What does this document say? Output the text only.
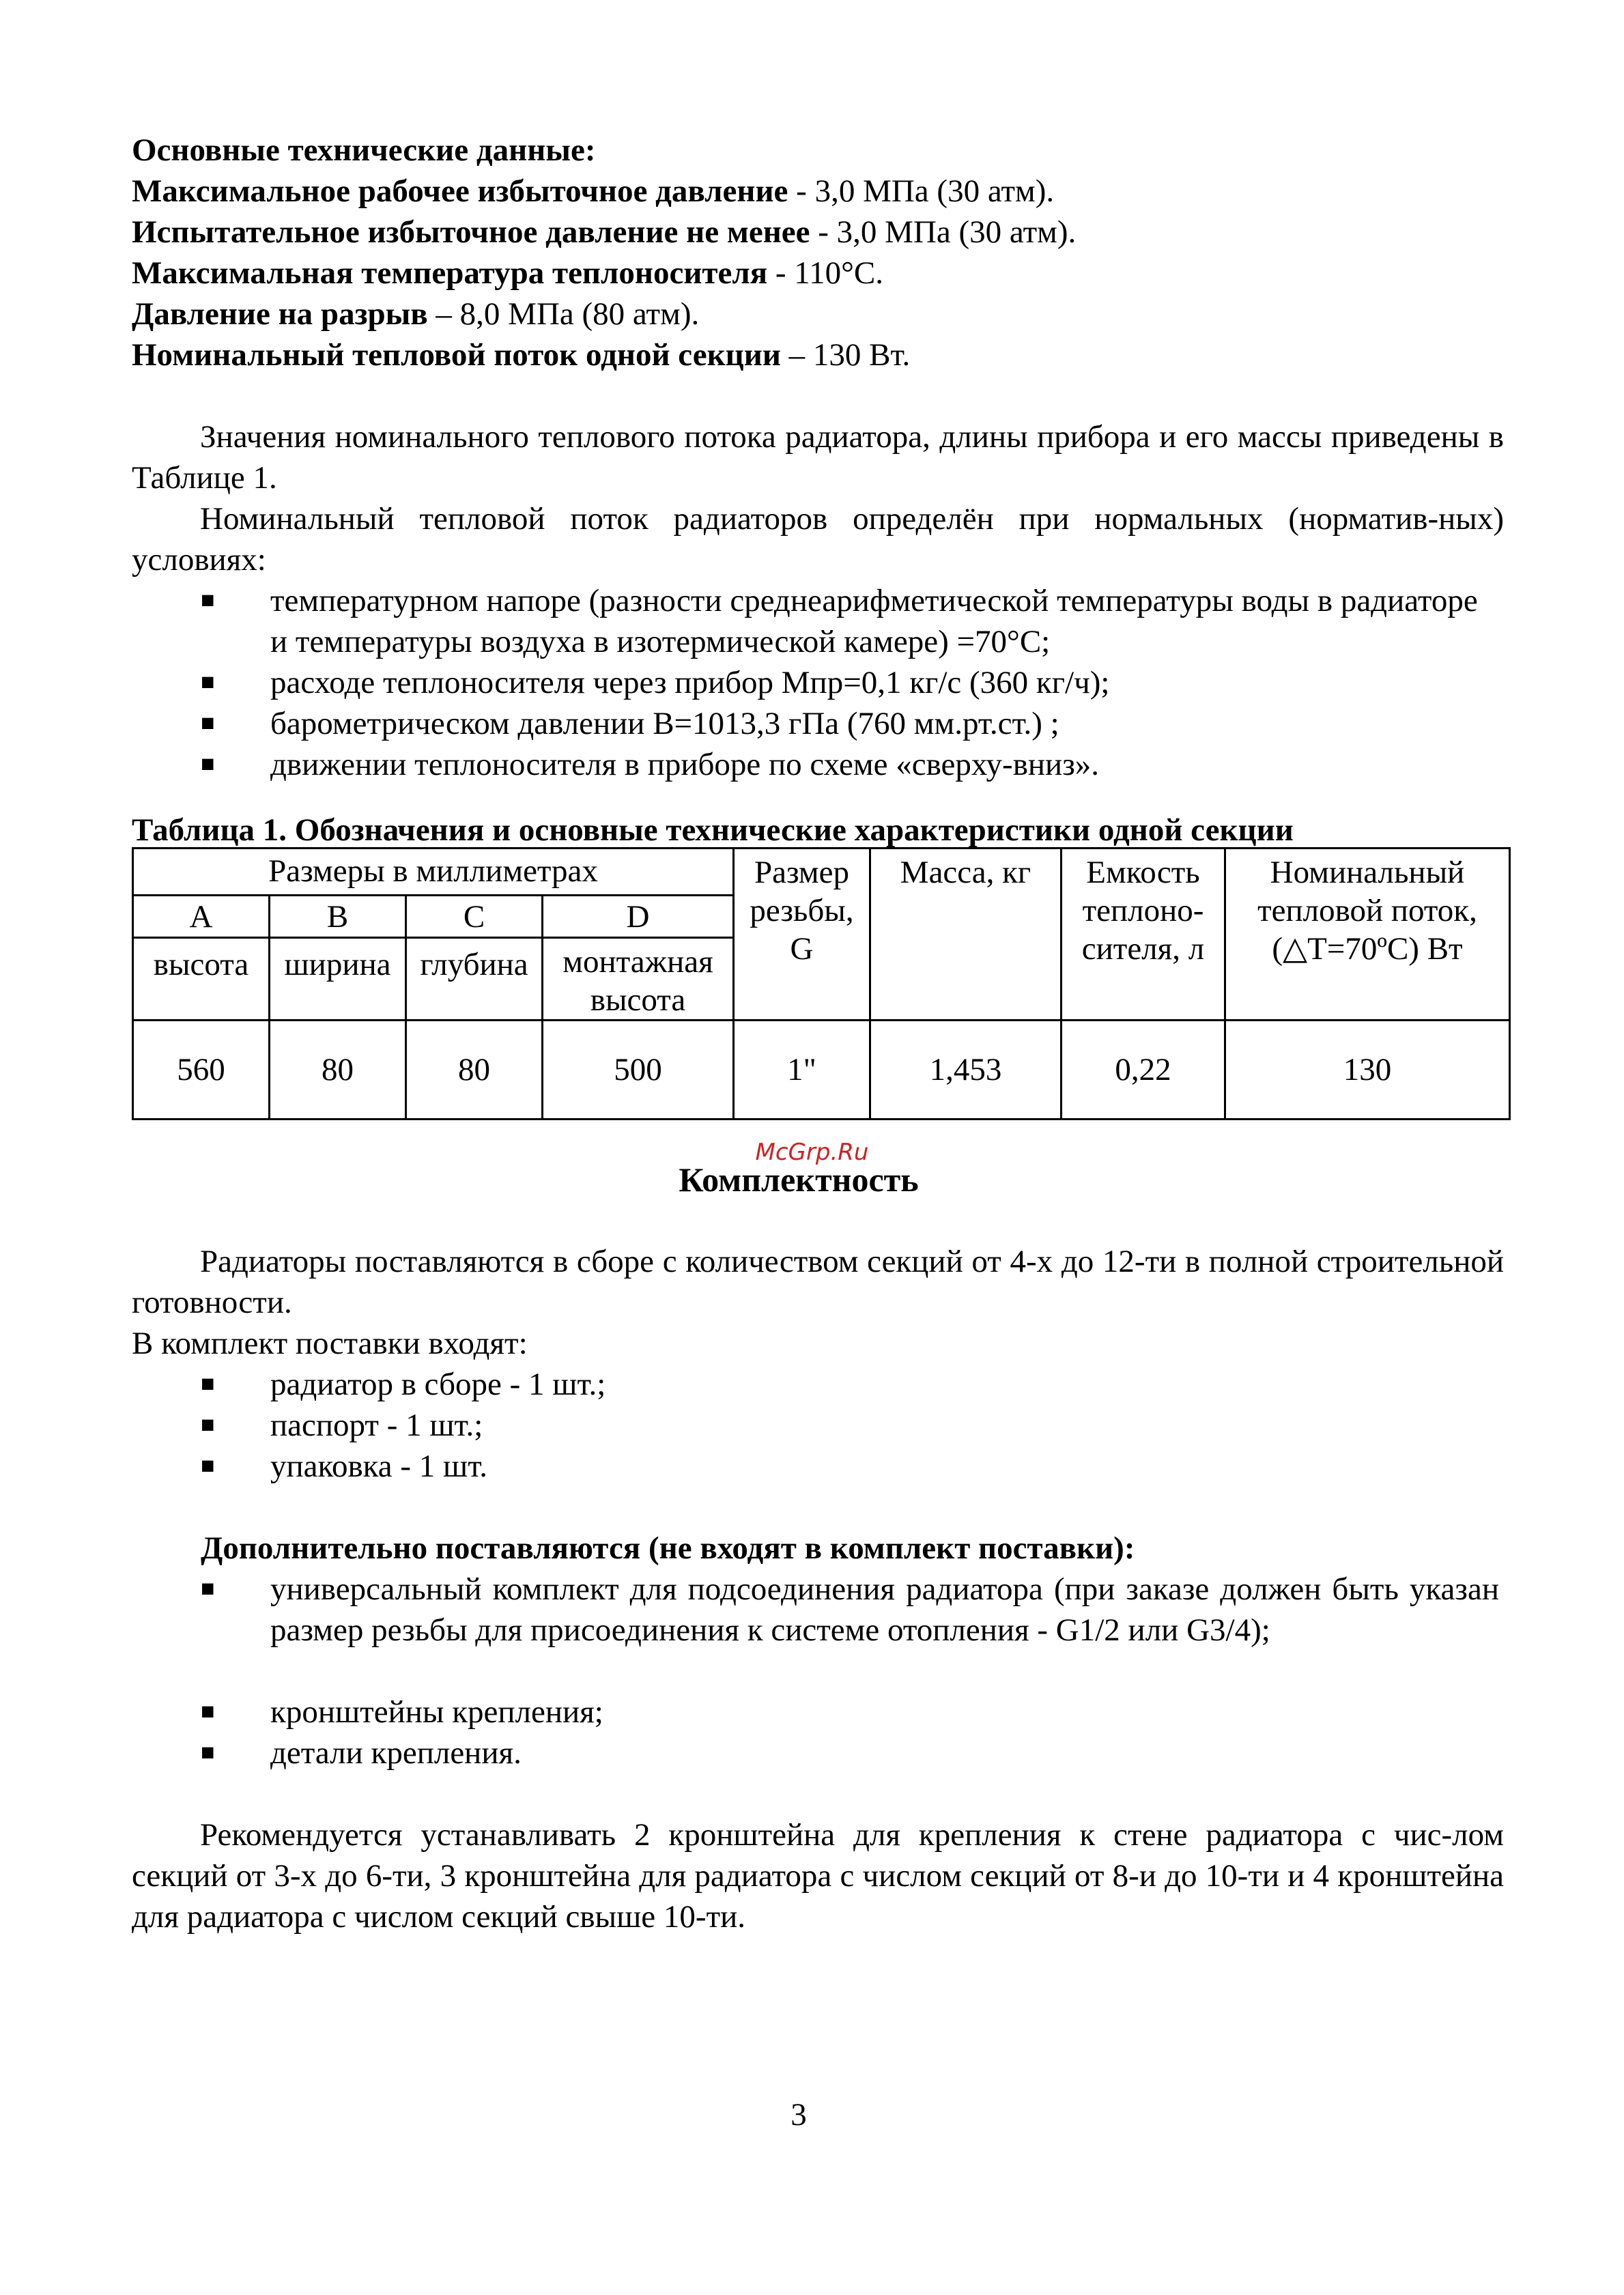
Основные технические данные:
Максимальное рабочее избыточное давление - 3,0 МПа (30 атм).
Испытательное избыточное давление не менее - 3,0 МПа (30 атм).
Максимальная температура теплоносителя - 110°С.
Давление на разрыв – 8,0 МПа (80 атм).
Номинальный тепловой поток одной секции – 130 Вт.
Значения номинального теплового потока радиатора, длины прибора и его массы приведены в Таблице 1.
Номинальный тепловой поток радиаторов определён при нормальных (норматив-ных) условиях:
■ температурном напоре (разности среднеарифметической температуры воды в радиаторе и температуры воздуха в изотермической камере) =70°С;
■ расходе теплоносителя через прибор Мпр=0,1 кг/с (360 кг/ч);
■ барометрическом давлении В=1013,3 гПа (760 мм.рт.ст.) ;
■ движении теплоносителя в приборе по схеме «сверху-вниз».
Таблица 1. Обозначения и основные технические характеристики одной секции
Размеры в миллиметрах				Размер резьбы, G	Масса, кг	Емкость теплоно-сителя, л	Номинальный тепловой поток, (△T=70ºC) Вт
A	B	C	D				
высота	ширина	глубина	монтажная высота				
560	80	80	500	1"	1,453	0,22	130
McGrp.Ru
Комплектность
Радиаторы поставляются в сборе с количеством секций от 4-х до 12-ти в полной строительной готовности.
В комплект поставки входят:
■ радиатор в сборе - 1 шт.;
■ паспорт - 1 шт.;
■ упаковка - 1 шт.
Дополнительно поставляются (не входят в комплект поставки):
■ универсальный комплект для подсоединения радиатора (при заказе должен быть указан размер резьбы для присоединения к системе отопления - G1/2 или G3/4);
■ кронштейны крепления;
■ детали крепления.
Рекомендуется устанавливать 2 кронштейна для крепления к стене радиатора с чис-лом секций от 3-х до 6-ти, 3 кронштейна для радиатора с числом секций от 8-и до 10-ти и 4 кронштейна для радиатора с числом секций свыше 10-ти.
3
